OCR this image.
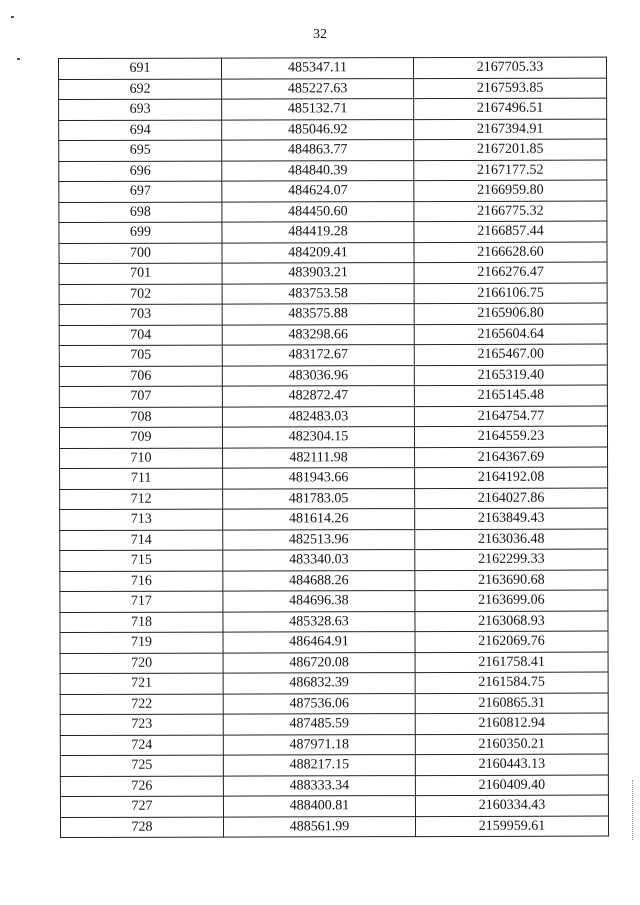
32
691	485347.11	2167705.33
692	485227.63	2167593.85
693	485132.71	2167496.51
694	485046.92	2167394.91
695	484863.77	2167201.85
696	484840.39	2167177.52
697	484624.07	2166959.80
698	484450.60	2166775.32
699	484419.28	2166857.44
700	484209.41	2166628.60
701	483903.21	2166276.47
702	483753.58	2166106.75
703	483575.88	2165906.80
704	483298.66	2165604.64
705	483172.67	2165467.00
706	483036.96	2165319.40
707	482872.47	2165145.48
708	482483.03	2164754.77
709	482304.15	2164559.23
710	482111.98	2164367.69
711	481943.66	2164192.08
712	481783.05	2164027.86
713	481614.26	2163849.43
714	482513.96	2163036.48
715	483340.03	2162299.33
716	484688.26	2163690.68
717	484696.38	2163699.06
718	485328.63	2163068.93
719	486464.91	2162069.76
720	486720.08	2161758.41
721	486832.39	2161584.75
722	487536.06	2160865.31
723	487485.59	2160812.94
724	487971.18	2160350.21
725	488217.15	2160443.13
726	488333.34	2160409.40
727	488400.81	2160334.43
728	488561.99	2159959.61
